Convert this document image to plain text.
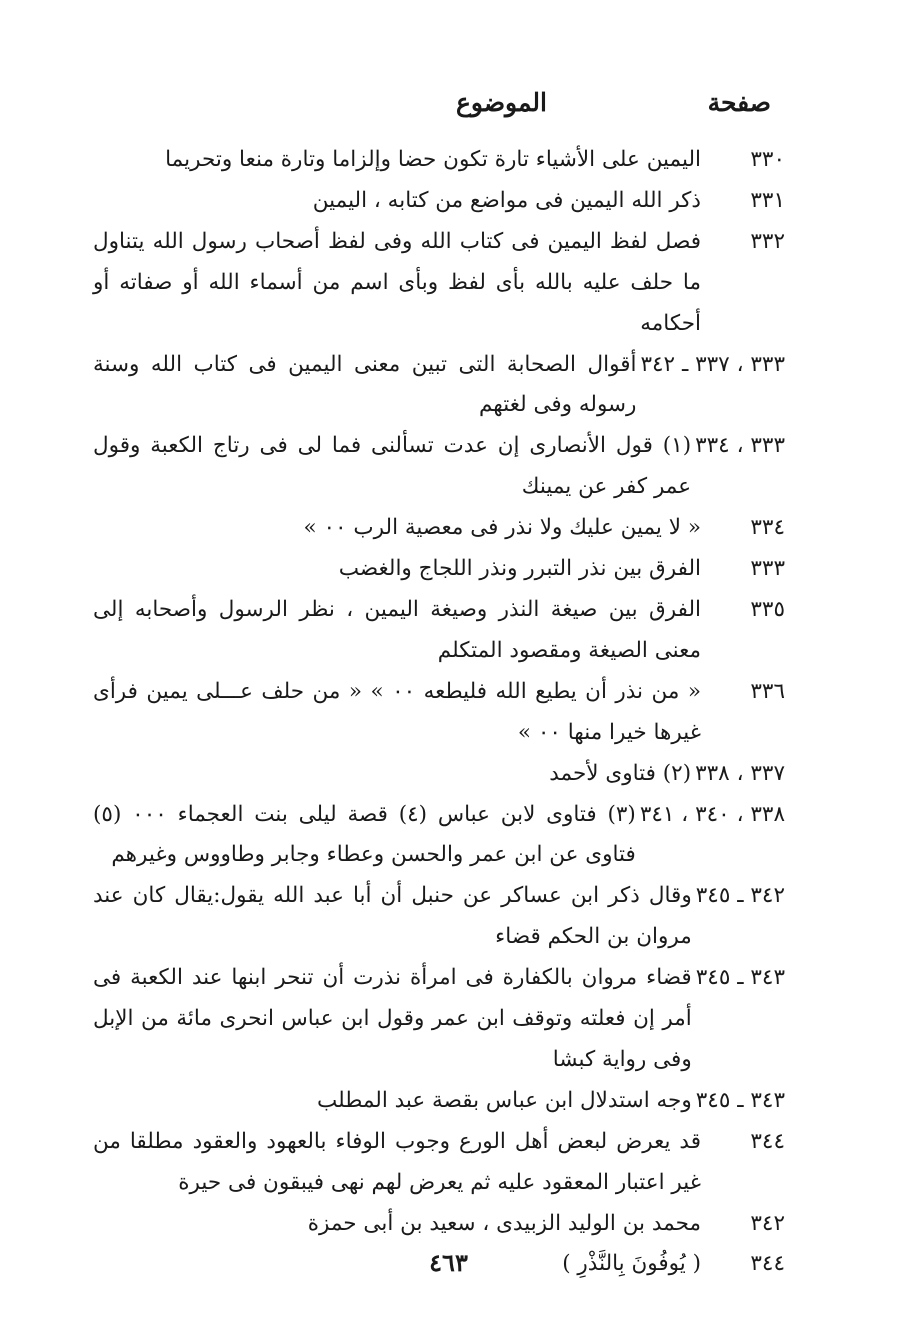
صفحة
الموضوع
٣٣٠
اليمين على الأشياء تارة تكون حضا وإلزاما وتارة منعا وتحريما
٣٣١
ذكر الله اليمين فى مواضع من كتابه ، اليمين
٣٣٢
فصل لفظ اليمين فى كتاب الله وفى لفظ أصحاب رسول الله يتناول ما حلف عليه بالله بأى لفظ وبأى اسم من أسماء الله أو صفاته أو أحكامه
٣٣٣ ، ٣٣٧ ـ ٣٤٢
أقوال الصحابة التى تبين معنى اليمين فى كتاب الله وسنة رسوله وفى لغتهم
٣٣٣ ، ٣٣٤
(١) قول الأنصارى إن عدت تسألنى فما لى فى رتاج الكعبة وقول عمر كفر عن يمينك
٣٣٤
« لا يمين عليك ولا نذر فى معصية الرب ٠٠ »
٣٣٣
الفرق بين نذر التبرر ونذر اللجاج والغضب
٣٣٥
الفرق بين صيغة النذر وصيغة اليمين ، نظر الرسول وأصحابه إلى معنى الصيغة ومقصود المتكلم
٣٣٦
« من نذر أن يطيع الله فليطعه ٠٠ » « من حلف عـــلى يمين فرأى غيرها خيرا منها ٠٠ »
٣٣٧ ، ٣٣٨
(٢) فتاوى لأحمد
٣٣٨ ، ٣٤٠ ، ٣٤١
(٣) فتاوى لابن عباس (٤) قصة ليلى بنت العجماء ٠٠٠ (٥) فتاوى عن ابن عمر والحسن وعطاء وجابر وطاووس وغيرهم
٣٤٢ ـ ٣٤٥
وقال ذكر ابن عساكر عن حنبل أن أبا عبد الله يقول:يقال كان عند مروان بن الحكم قضاء
٣٤٣ ـ ٣٤٥
قضاء مروان بالكفارة فى امرأة نذرت أن تنحر ابنها عند الكعبة فى أمر إن فعلته وتوقف ابن عمر وقول ابن عباس انحرى مائة من الإبل وفى رواية كبشا
٣٤٣ ـ ٣٤٥
وجه استدلال ابن عباس بقصة عبد المطلب
٣٤٤
قد يعرض لبعض أهل الورع وجوب الوفاء بالعهود والعقود مطلقا من غير اعتبار المعقود عليه ثم يعرض لهم نهى فيبقون فى حيرة
٣٤٢
محمد بن الوليد الزبيدى ، سعيد بن أبى حمزة
٣٤٤
( يُوفُونَ بِالنَّذْرِ )
٤٦٣
